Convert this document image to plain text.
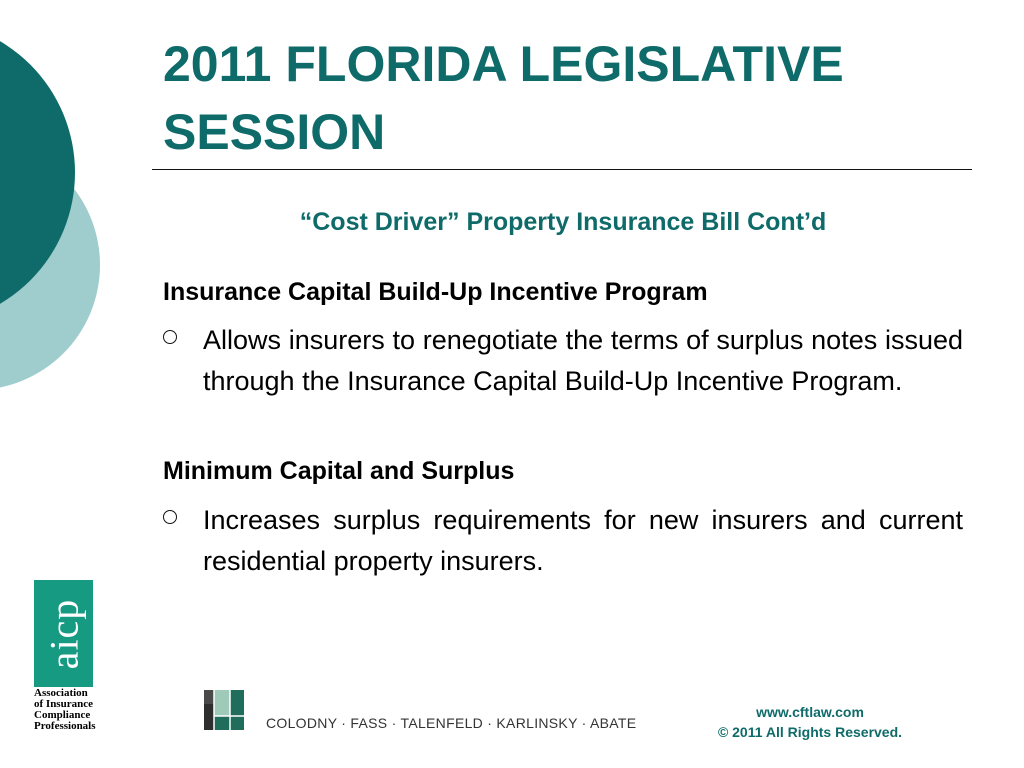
2011 FLORIDA LEGISLATIVE
SESSION
“Cost Driver” Property Insurance Bill Cont’d
Insurance Capital Build-Up Incentive Program
Allows insurers to renegotiate the terms of surplus notes issued through the Insurance Capital Build-Up Incentive Program.
Minimum Capital and Surplus
Increases surplus requirements for new insurers and current residential property insurers.
aicp
Association
of Insurance
Compliance
Professionals	COLODNY · FASS · TALENFELD · KARLINSKY · ABATE
www.cftlaw.com
© 2011 All Rights Reserved.
